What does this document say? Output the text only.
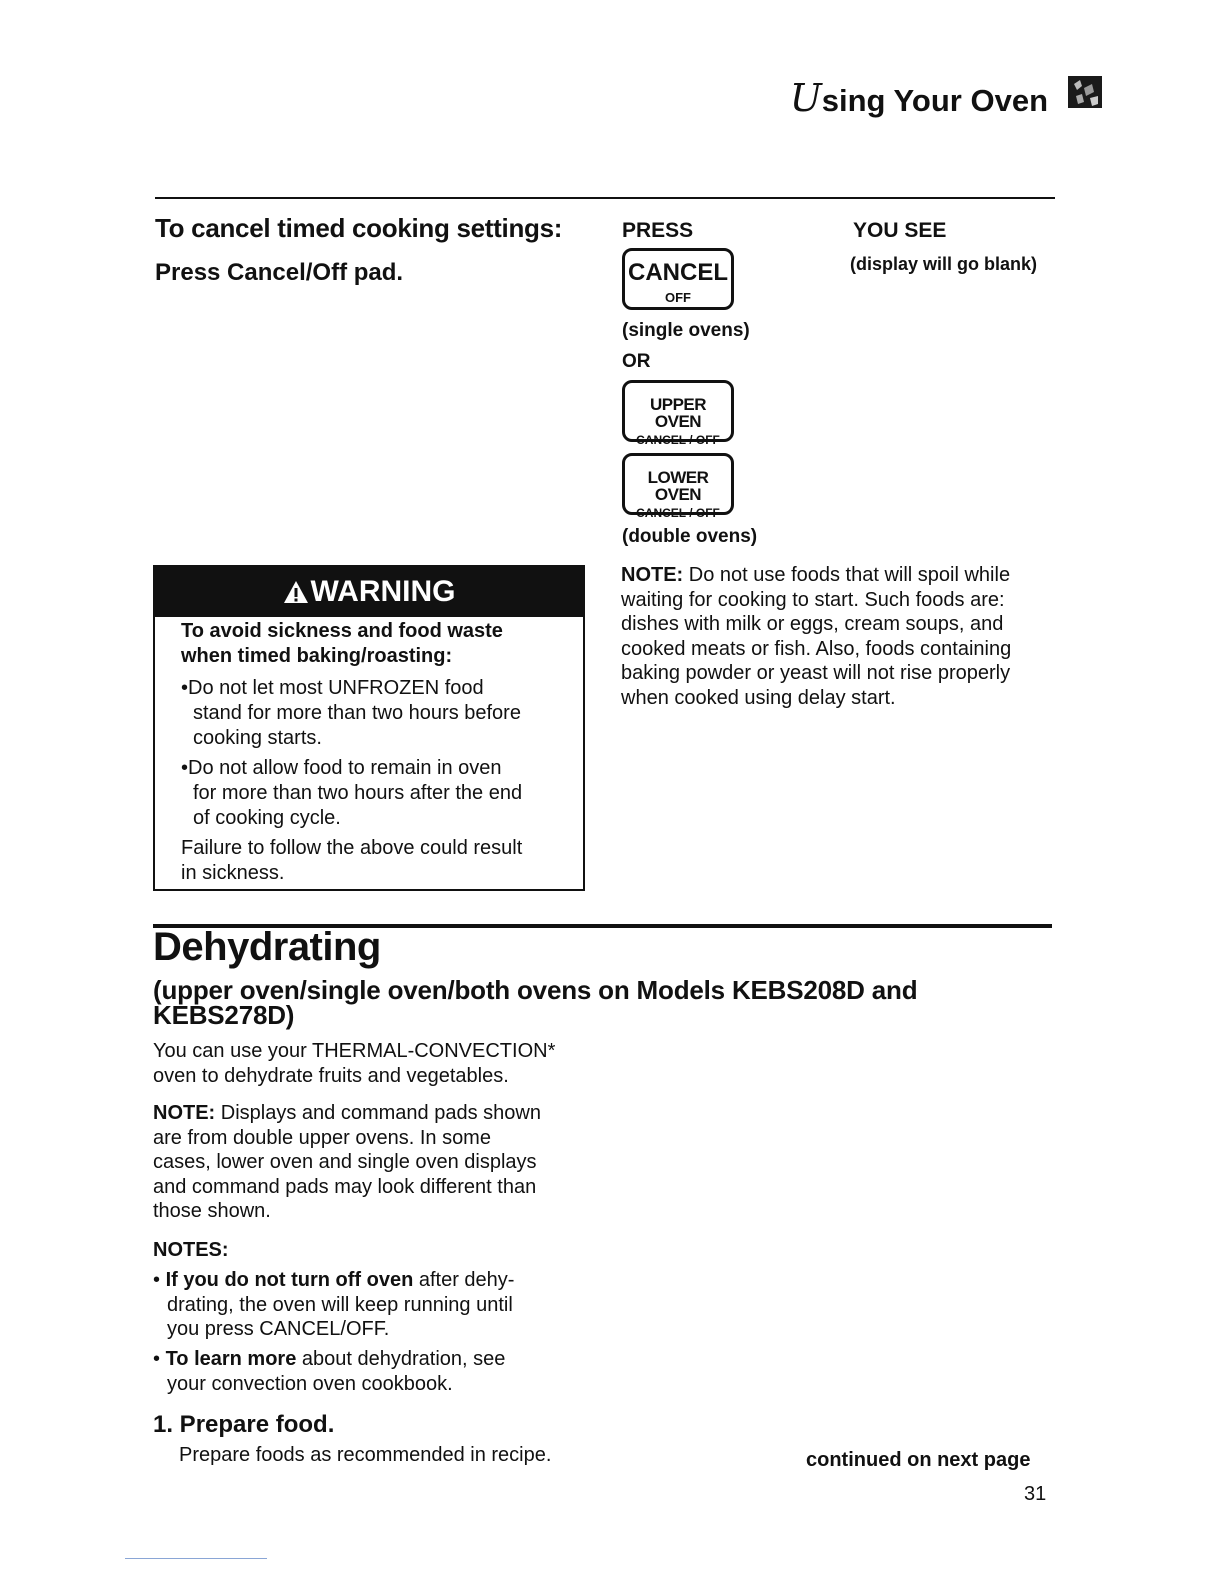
Using Your Oven
To cancel timed cooking settings:
Press Cancel/Off pad.
PRESS	YOU SEE
(display will go blank)
CANCEL
OFF
(single ovens)
OR
UPPER OVEN
CANCEL / OFF
LOWER OVEN
CANCEL / OFF
(double ovens)
NOTE: Do not use foods that will spoil while
waiting for cooking to start. Such foods are:
dishes with milk or eggs, cream soups, and
cooked meats or fish. Also, foods containing
baking powder or yeast will not rise properly
when cooked using delay start.
WARNING
To avoid sickness and food waste
when timed baking/roasting:
•Do not let most UNFROZEN food
stand for more than two hours before
cooking starts.
•Do not allow food to remain in oven
for more than two hours after the end
of cooking cycle.
Failure to follow the above could result
in sickness.
Dehydrating
(upper oven/single oven/both ovens on Models KEBS208D and
KEBS278D)
You can use your THERMAL-CONVECTION*
oven to dehydrate fruits and vegetables.
NOTE: Displays and command pads shown
are from double upper ovens. In some
cases, lower oven and single oven displays
and command pads may look different than
those shown.
NOTES:
• If you do not turn off oven after dehy-
drating, the oven will keep running until
you press CANCEL/OFF.
• To learn more about dehydration, see
your convection oven cookbook.
1. Prepare food.
Prepare foods as recommended in recipe.	continued on next page
31
